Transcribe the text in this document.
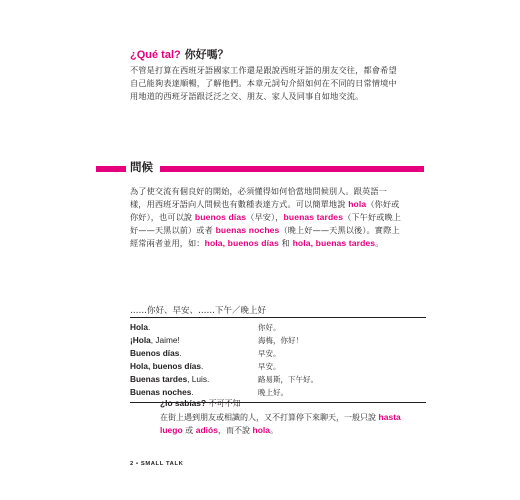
¿Qué tal? 你好嗎？
不管是打算在西班牙語國家工作還是跟說西班牙語的朋友交往，都會希望自己能夠表達順暢，了解他們。本章元詞句介紹如何在不同的日常情境中用地道的西班牙語跟泛泛之交、朋友、家人及同事自如地交流。
問候
為了使交流有個良好的開始，必須懂得如何恰當地問候別人。跟英語一樣，用西班牙語向人問候也有數種表達方式。可以簡單地說 hola（你好或你好），也可以說 buenos días（早安），buenas tardes（下午好或晚上好——天黑以前）或者 buenas noches（晚上好——天黑以後）。實際上經常兩者並用，如：hola, buenos días 和 hola, buenas tardes。
……你好、早安、……下午／晚上好
Hola.	你好。
¡Hola, Jaime!	海梅，你好！
Buenos días.	早安。
Hola, buenos días.	早安。
Buenas tardes, Luis.	路易斯，下午好。
Buenas noches.	晚上好。
¿lo sabías? 不可不知
在街上遇到朋友或相識的人，又不打算停下來聊天，一般只說 hasta luego 或 adiós，而不說 hola。
2 • SMALL TALK
